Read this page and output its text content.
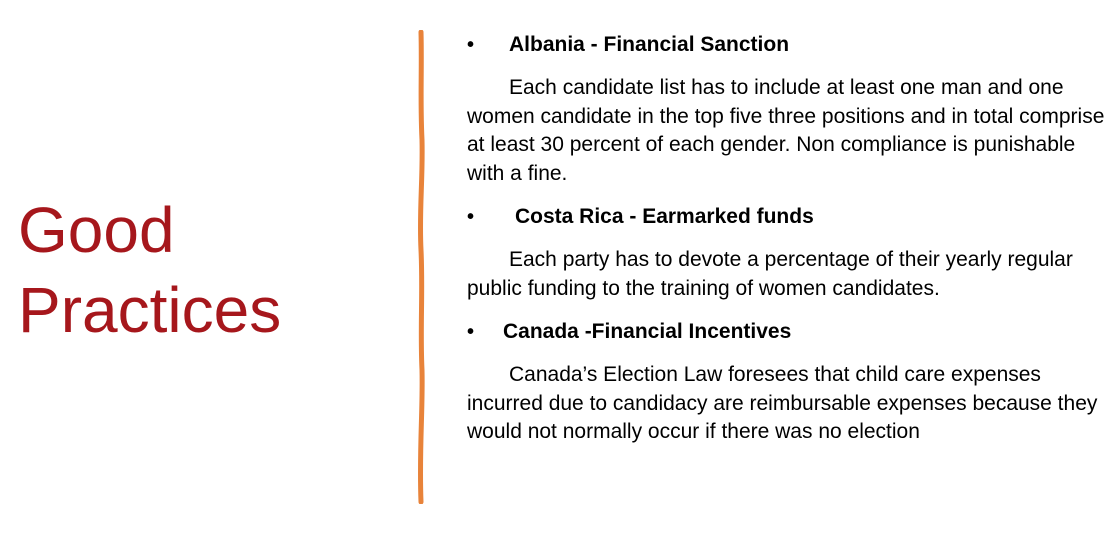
Good
Practices
• Albania - Financial Sanction
Each candidate list has to include at least one man and one women candidate in the top five three positions and in total comprise at least 30 percent of each gender. Non compliance is punishable with a fine.
• Costa Rica - Earmarked funds
Each party has to devote a percentage of their yearly regular public funding to the training of women candidates.
• Canada -Financial Incentives
Canada’s Election Law foresees that child care expenses incurred due to candidacy are reimbursable expenses because they would not normally occur if there was no election
